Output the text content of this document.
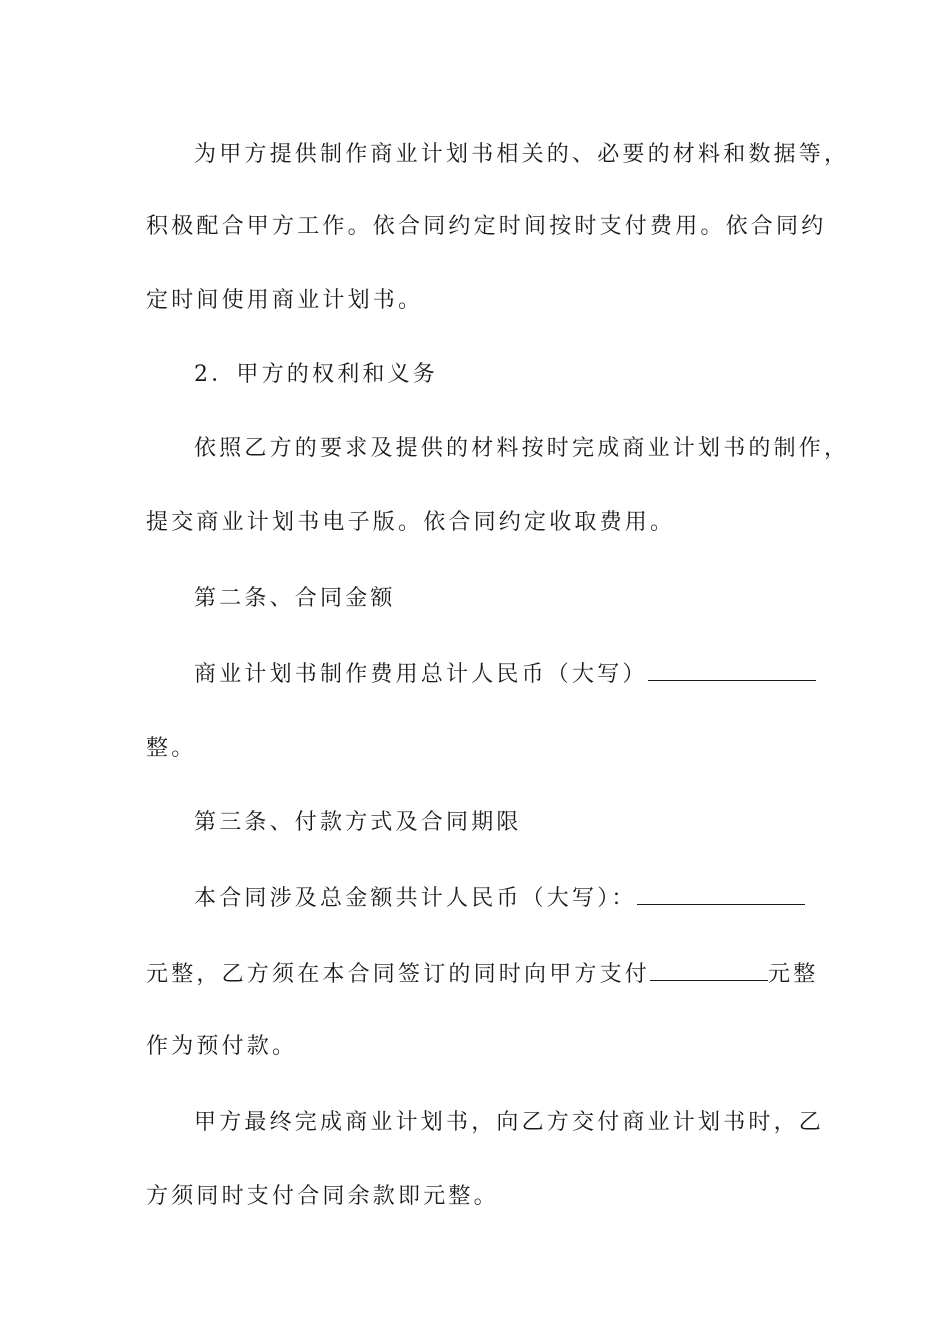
为甲方提供制作商业计划书相关的、必要的材料和数据等，
积极配合甲方工作。依合同约定时间按时支付费用。依合同约
定时间使用商业计划书。
2．甲方的权利和义务
依照乙方的要求及提供的材料按时完成商业计划书的制作，
提交商业计划书电子版。依合同约定收取费用。
第二条、合同金额
商业计划书制作费用总计人民币（大写）
整。
第三条、付款方式及合同期限
本合同涉及总金额共计人民币（大写）：
元整，乙方须在本合同签订的同时向甲方支付	元整
作为预付款。
甲方最终完成商业计划书，向乙方交付商业计划书时，乙
方须同时支付合同余款即元整。
